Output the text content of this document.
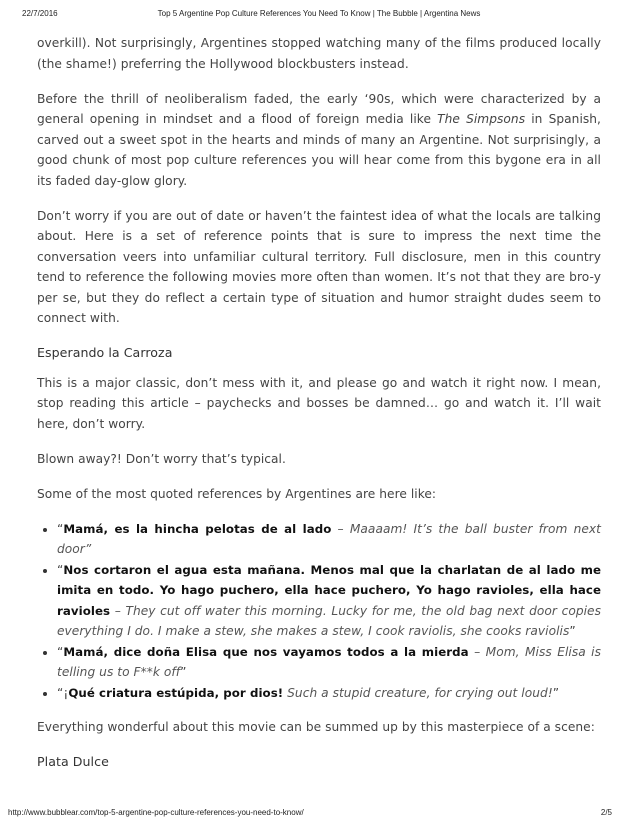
22/7/2016	Top 5 Argentine Pop Culture References You Need To Know | The Bubble | Argentina News

overkill). Not surprisingly, Argentines stopped watching many of the films produced locally (the shame!) preferring the Hollywood blockbusters instead.

Before the thrill of neoliberalism faded, the early ‘90s, which were characterized by a general opening in mindset and a flood of foreign media like The Simpsons in Spanish, carved out a sweet spot in the hearts and minds of many an Argentine. Not surprisingly, a good chunk of most pop culture references you will hear come from this bygone era in all its faded day-glow glory.

Don’t worry if you are out of date or haven’t the faintest idea of what the locals are talking about. Here is a set of reference points that is sure to impress the next time the conversation veers into unfamiliar cultural territory. Full disclosure, men in this country tend to reference the following movies more often than women. It’s not that they are bro-y per se, but they do reflect a certain type of situation and humor straight dudes seem to connect with.

Esperando la Carroza

This is a major classic, don’t mess with it, and please go and watch it right now. I mean, stop reading this article – paychecks and bosses be damned… go and watch it. I’ll wait here, don’t worry.

Blown away?! Don’t worry that’s typical.

Some of the most quoted references by Argentines are here like:

• “Mamá, es la hincha pelotas de al lado – Maaaam! It’s the ball buster from next door”
• “Nos cortaron el agua esta mañana. Menos mal que la charlatan de al lado me imita en todo. Yo hago puchero, ella hace puchero, Yo hago ravioles, ella hace ravioles – They cut off water this morning. Lucky for me, the old bag next door copies everything I do. I make a stew, she makes a stew, I cook raviolis, she cooks raviolis”
• “Mamá, dice doña Elisa que nos vayamos todos a la mierda – Mom, Miss Elisa is telling us to F**k off”
• “¡Qué criatura estúpida, por dios! Such a stupid creature, for crying out loud!”

Everything wonderful about this movie can be summed up by this masterpiece of a scene:

Plata Dulce
http://www.bubblear.com/top-5-argentine-pop-culture-references-you-need-to-know/	2/5
